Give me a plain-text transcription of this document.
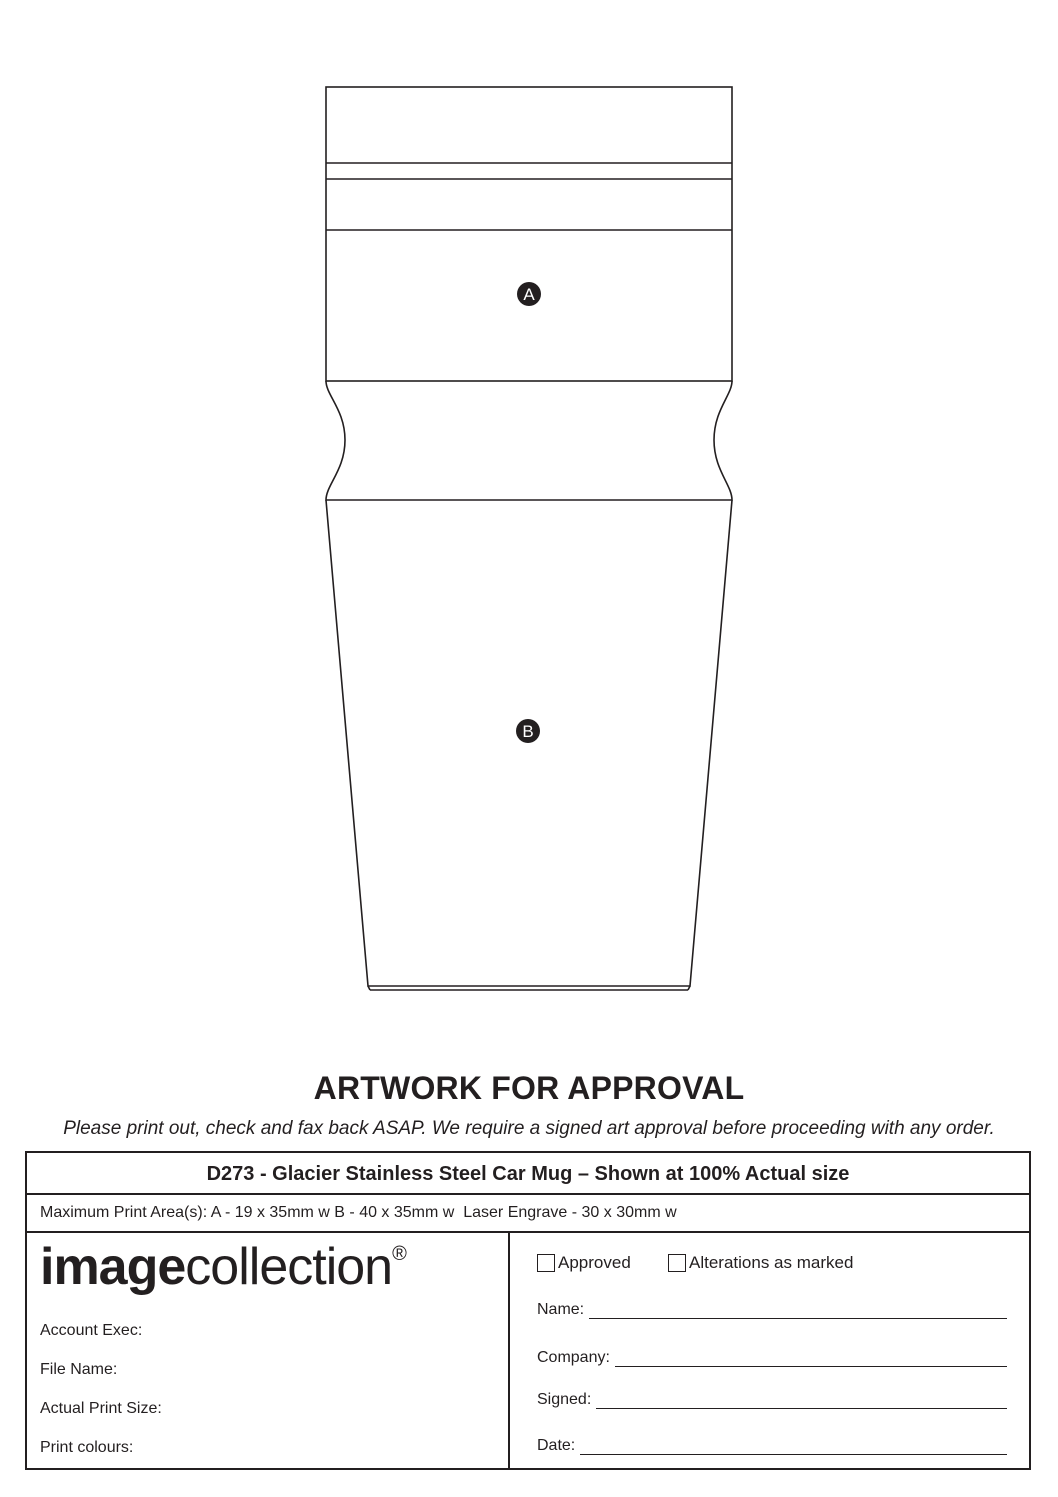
A
B
ARTWORK FOR APPROVAL
Please print out, check and fax back ASAP. We require a signed art approval before proceeding with any order.
D273 - Glacier Stainless Steel Car Mug – Shown at 100% Actual size
Maximum Print Area(s): A - 19 x 35mm w B - 40 x 35mm w  Laser Engrave - 30 x 30mm w
imagecollection®
Account Exec:
File Name:
Actual Print Size:
Print colours:
Approved	Alterations as marked
Name:
Company:
Signed:
Date:
